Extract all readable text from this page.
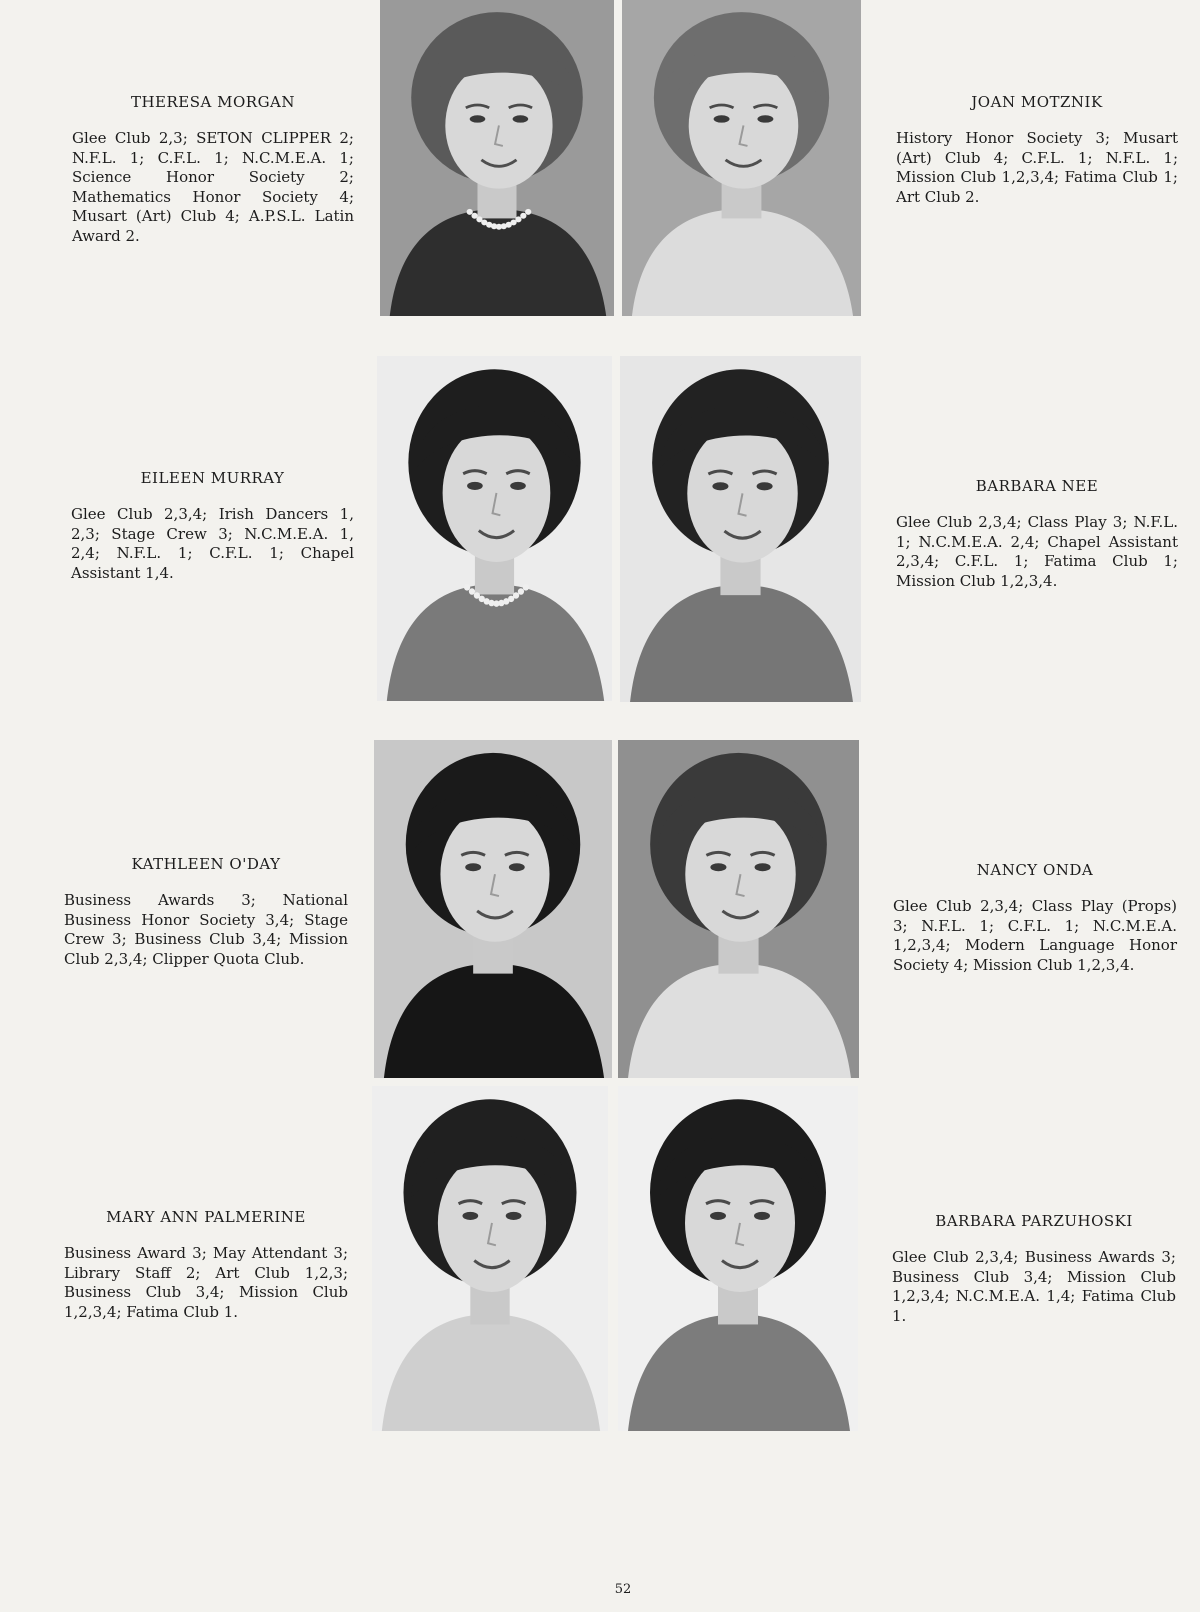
THERESA MORGAN

Glee Club 2,3; SETON CLIPPER 2; N.F.L. 1; C.F.L. 1; N.C.M.E.A. 1; Science Honor Society 2; Mathematics Honor Society 4; Musart (Art) Club 4; A.P.S.L. Latin Award 2.

EILEEN MURRAY

Glee Club 2,3,4; Irish Dancers 1, 2,3; Stage Crew 3; N.C.M.E.A. 1, 2,4; N.F.L. 1; C.F.L. 1; Chapel Assistant 1,4.

KATHLEEN O'DAY

Business Awards 3; National Business Honor Society 3,4; Stage Crew 3; Business Club 3,4; Mission Club 2,3,4; Clipper Quota Club.

MARY ANN PALMERINE

Business Award 3; May Attendant 3; Library Staff 2; Art Club 1,2,3; Business Club 3,4; Mission Club 1,2,3,4; Fatima Club 1.

JOAN MOTZNIK

History Honor Society 3; Musart (Art) Club 4; C.F.L. 1; N.F.L. 1; Mission Club 1,2,3,4; Fatima Club 1; Art Club 2.

BARBARA NEE

Glee Club 2,3,4; Class Play 3; N.F.L. 1; N.C.M.E.A. 2,4; Chapel Assistant 2,3,4; C.F.L. 1; Fatima Club 1; Mission Club 1,2,3,4.

NANCY ONDA

Glee Club 2,3,4; Class Play (Props) 3; N.F.L. 1; C.F.L. 1; N.C.M.E.A. 1,2,3,4; Modern Language Honor Society 4; Mission Club 1,2,3,4.

BARBARA PARZUHOSKI

Glee Club 2,3,4; Business Awards 3; Business Club 3,4; Mission Club 1,2,3,4; N.C.M.E.A. 1,4; Fatima Club 1.

52
